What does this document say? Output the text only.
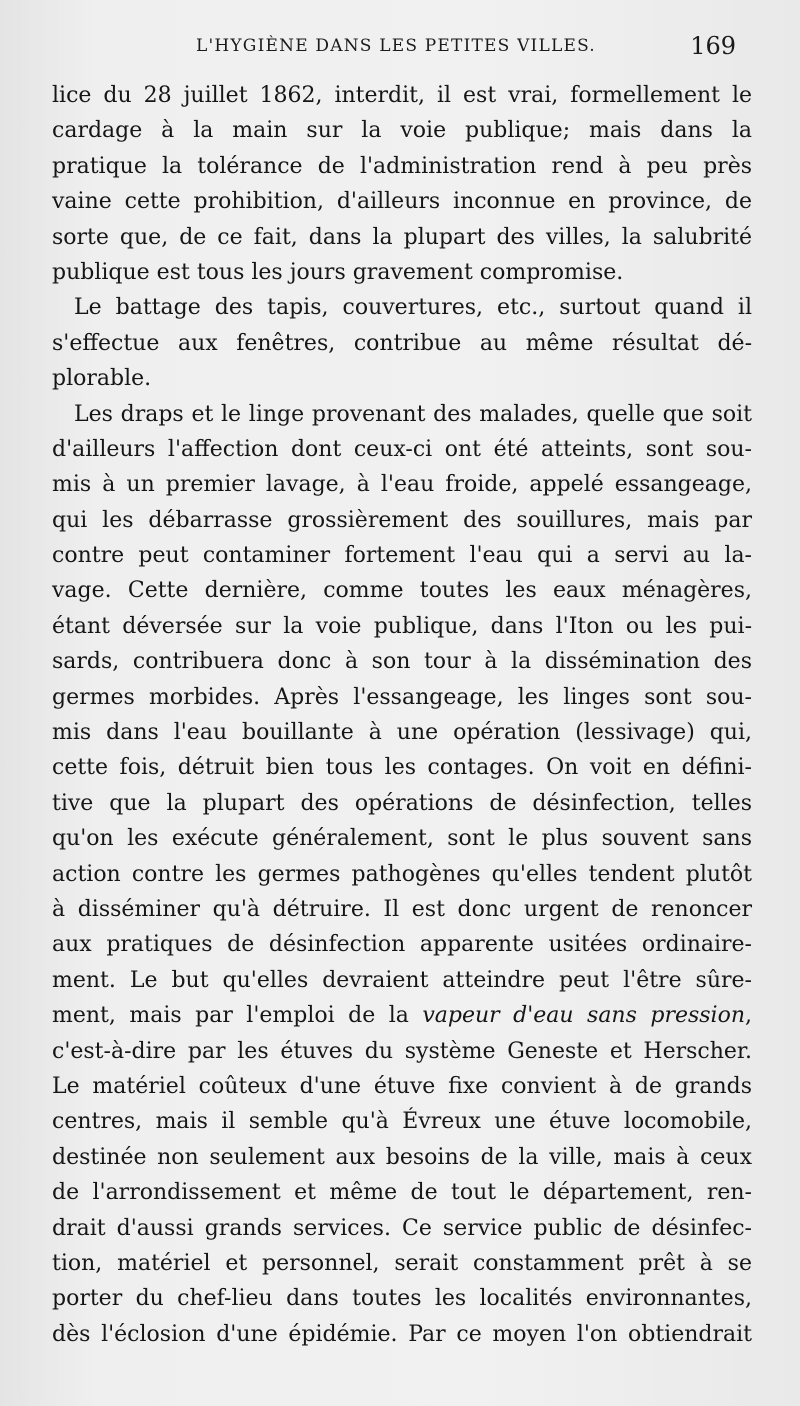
L'HYGIÈNE DANS LES PETITES VILLES.	169
lice du 28 juillet 1862, interdit, il est vrai, formellement le
cardage à la main sur la voie publique; mais dans la
pratique la tolérance de l'administration rend à peu près
vaine cette prohibition, d'ailleurs inconnue en province, de
sorte que, de ce fait, dans la plupart des villes, la salubrité
publique est tous les jours gravement compromise.
Le battage des tapis, couvertures, etc., surtout quand il
s'effectue aux fenêtres, contribue au même résultat dé-
plorable.
Les draps et le linge provenant des malades, quelle que soit
d'ailleurs l'affection dont ceux-ci ont été atteints, sont sou-
mis à un premier lavage, à l'eau froide, appelé essangeage,
qui les débarrasse grossièrement des souillures, mais par
contre peut contaminer fortement l'eau qui a servi au la-
vage. Cette dernière, comme toutes les eaux ménagères,
étant déversée sur la voie publique, dans l'Iton ou les pui-
sards, contribuera donc à son tour à la dissémination des
germes morbides. Après l'essangeage, les linges sont sou-
mis dans l'eau bouillante à une opération (lessivage) qui,
cette fois, détruit bien tous les contages. On voit en défini-
tive que la plupart des opérations de désinfection, telles
qu'on les exécute généralement, sont le plus souvent sans
action contre les germes pathogènes qu'elles tendent plutôt
à disséminer qu'à détruire. Il est donc urgent de renoncer
aux pratiques de désinfection apparente usitées ordinaire-
ment. Le but qu'elles devraient atteindre peut l'être sûre-
ment, mais par l'emploi de la vapeur d'eau sans pression,
c'est-à-dire par les étuves du système Geneste et Herscher.
Le matériel coûteux d'une étuve fixe convient à de grands
centres, mais il semble qu'à Évreux une étuve locomobile,
destinée non seulement aux besoins de la ville, mais à ceux
de l'arrondissement et même de tout le département, ren-
drait d'aussi grands services. Ce service public de désinfec-
tion, matériel et personnel, serait constamment prêt à se
porter du chef-lieu dans toutes les localités environnantes,
dès l'éclosion d'une épidémie. Par ce moyen l'on obtiendrait
